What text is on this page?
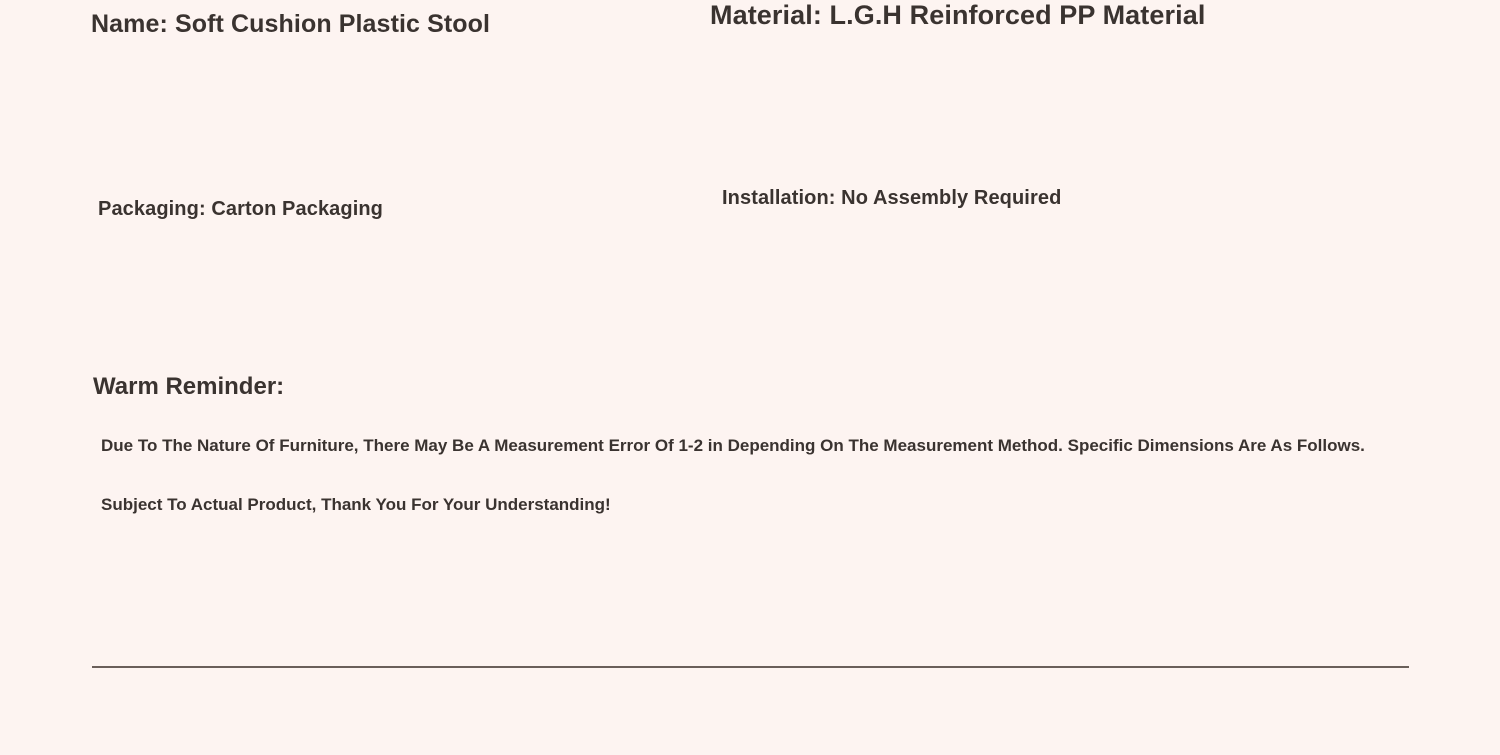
Name: Soft Cushion Plastic Stool	Material: L.G.H Reinforced PP Material
Packaging: Carton Packaging	Installation: No Assembly Required
Warm Reminder:
Due To The Nature Of Furniture, There May Be A Measurement Error Of 1-2 in Depending On The Measurement Method. Specific Dimensions Are As Follows.
Subject To Actual Product, Thank You For Your Understanding!
